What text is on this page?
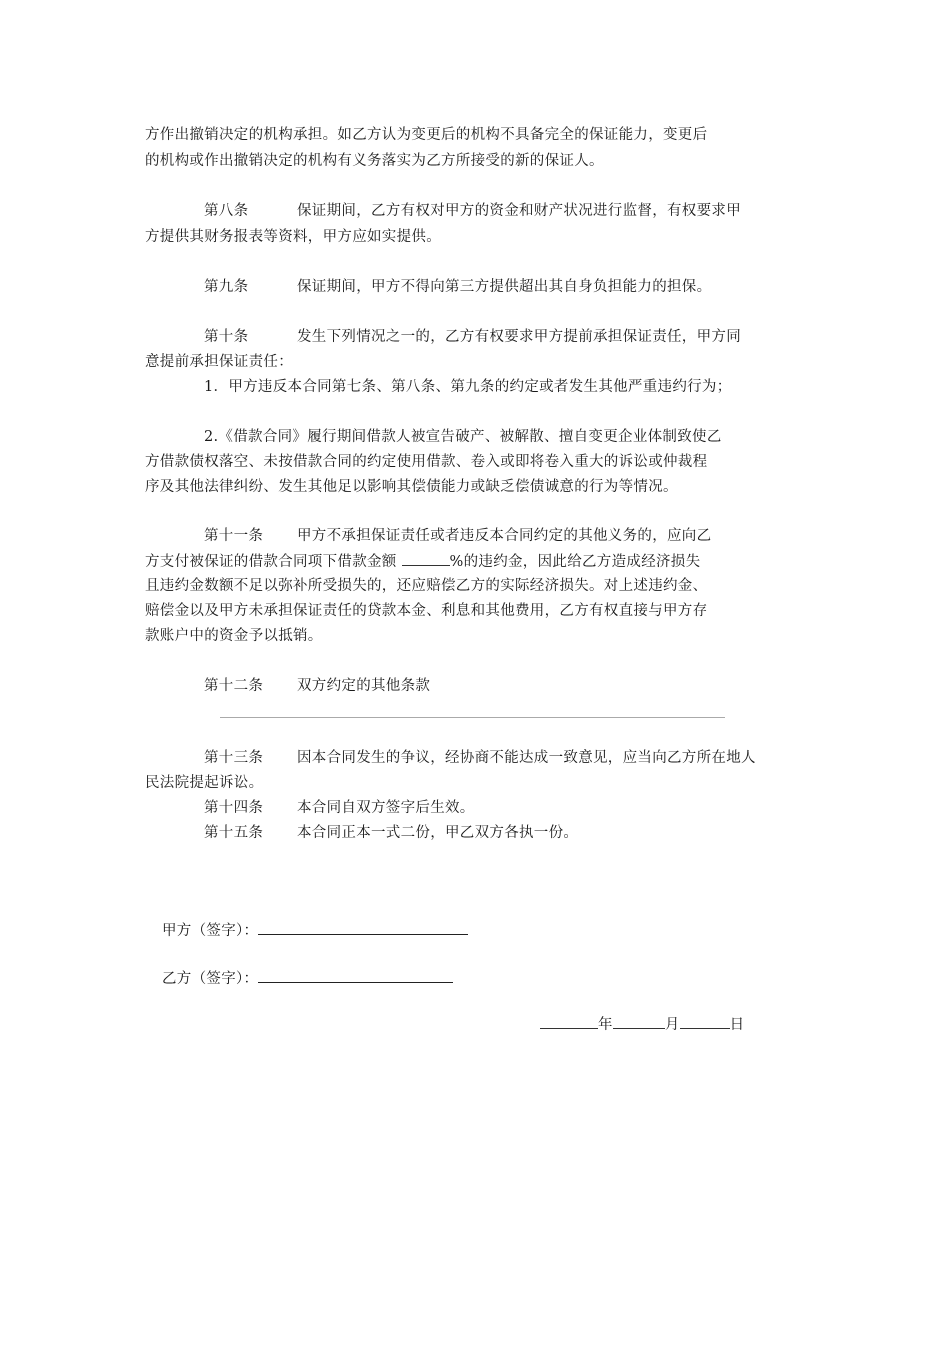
方作出撤销决定的机构承担。如乙方认为变更后的机构不具备完全的保证能力，变更后
的机构或作出撤销决定的机构有义务落实为乙方所接受的新的保证人。
第八条	保证期间，乙方有权对甲方的资金和财产状况进行监督，有权要求甲
方提供其财务报表等资料，甲方应如实提供。
第九条	保证期间，甲方不得向第三方提供超出其自身负担能力的担保。
第十条	发生下列情况之一的，乙方有权要求甲方提前承担保证责任，甲方同
意提前承担保证责任：
1．甲方违反本合同第七条、第八条、第九条的约定或者发生其他严重违约行为；
2.《借款合同》履行期间借款人被宣告破产、被解散、擅自变更企业体制致使乙
方借款债权落空、未按借款合同的约定使用借款、卷入或即将卷入重大的诉讼或仲裁程
序及其他法律纠纷、发生其他足以影响其偿债能力或缺乏偿债诚意的行为等情况。
第十一条 甲方不承担保证责任或者违反本合同约定的其他义务的，应向乙
方支付被保证的借款合同项下借款金额	%的违约金，因此给乙方造成经济损失
且违约金数额不足以弥补所受损失的，还应赔偿乙方的实际经济损失。对上述违约金、
赔偿金以及甲方未承担保证责任的贷款本金、利息和其他费用，乙方有权直接与甲方存
款账户中的资金予以抵销。
第十二条 双方约定的其他条款
第十三条 因本合同发生的争议，经协商不能达成一致意见，应当向乙方所在地人
民法院提起诉讼。
第十四条 本合同自双方签字后生效。
第十五条 本合同正本一式二份，甲乙双方各执一份。
甲方（签字）：
乙方（签字）：
年	月	日
